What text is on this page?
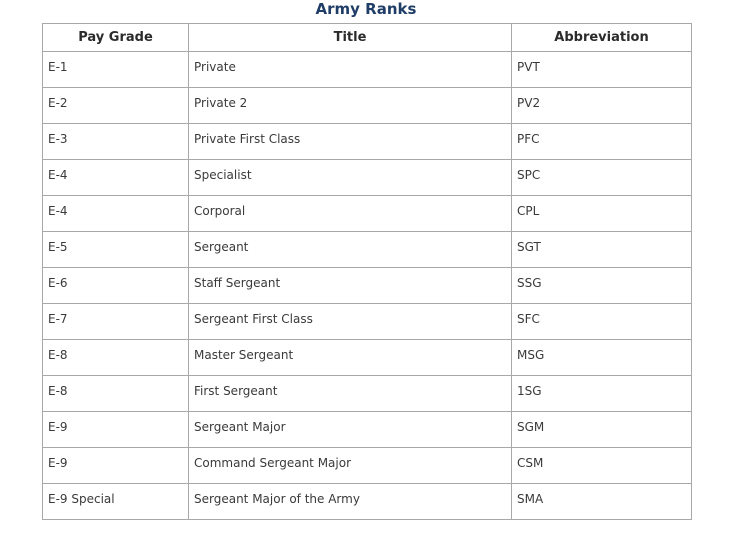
Army Ranks
Pay Grade	Title	Abbreviation
E-1	Private	PVT
E-2	Private 2	PV2
E-3	Private First Class	PFC
E-4	Specialist	SPC
E-4	Corporal	CPL
E-5	Sergeant	SGT
E-6	Staff Sergeant	SSG
E-7	Sergeant First Class	SFC
E-8	Master Sergeant	MSG
E-8	First Sergeant	1SG
E-9	Sergeant Major	SGM
E-9	Command Sergeant Major	CSM
E-9 Special	Sergeant Major of the Army	SMA
